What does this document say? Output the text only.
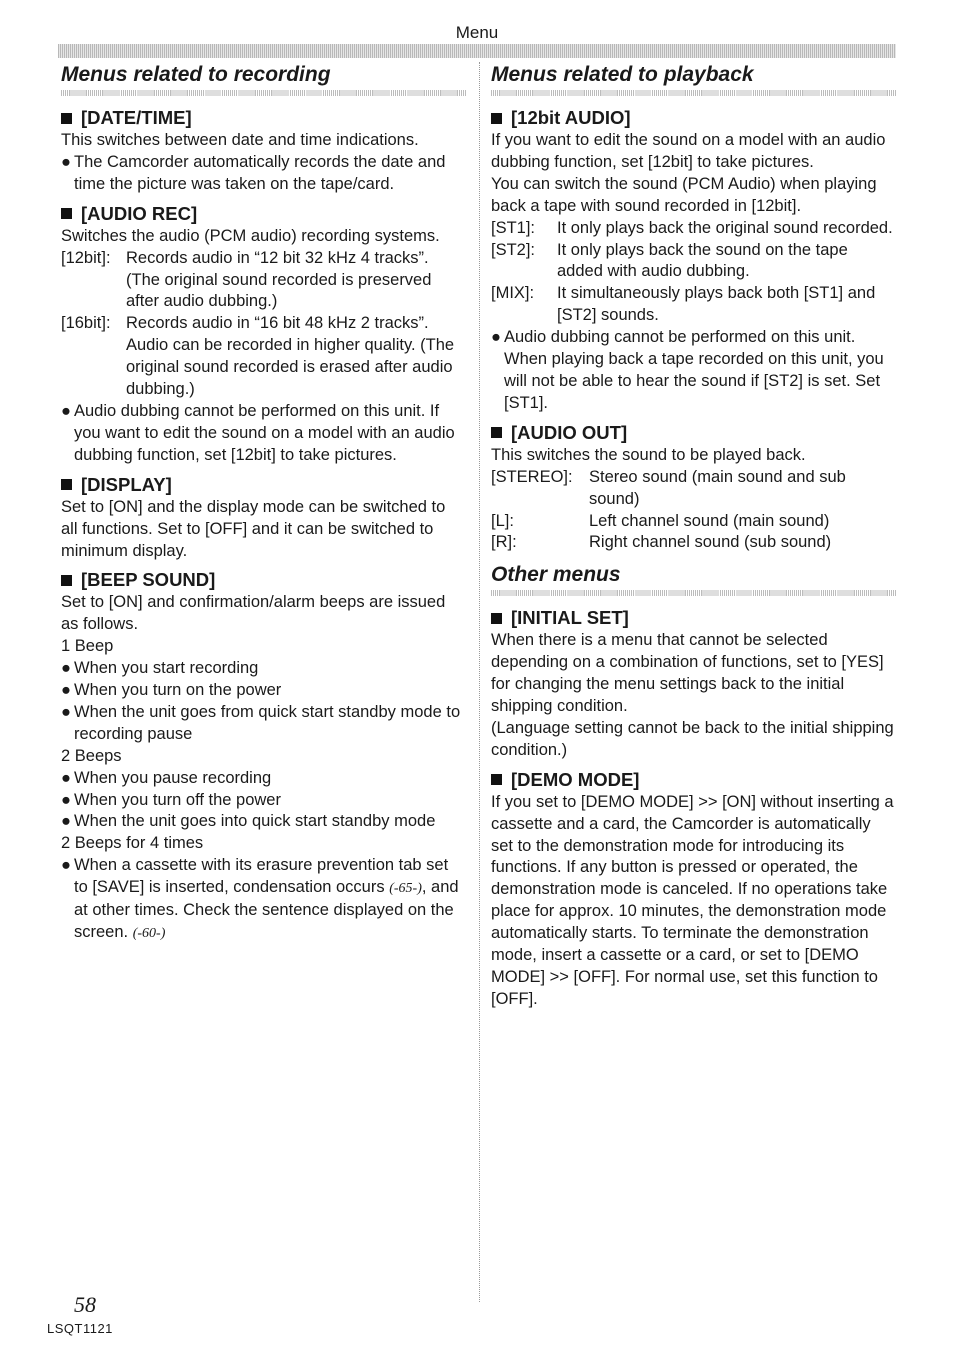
Menu
Menus related to recording
[DATE/TIME]

This switches between date and time indications.

● The Camcorder automatically records the date and time the picture was taken on the tape/card.
[AUDIO REC]

Switches the audio (PCM audio) recording systems.

[12bit]: Records audio in “12 bit 32 kHz 4 tracks”. (The original sound recorded is preserved after audio dubbing.)
[16bit]: Records audio in “16 bit 48 kHz 2 tracks”. Audio can be recorded in higher quality. (The original sound recorded is erased after audio dubbing.)
● Audio dubbing cannot be performed on this unit. If you want to edit the sound on a model with an audio dubbing function, set [12bit] to take pictures.
[DISPLAY]

Set to [ON] and the display mode can be switched to all functions. Set to [OFF] and it can be switched to minimum display.

[BEEP SOUND]

Set to [ON] and confirmation/alarm beeps are issued as follows.

1 Beep

● When you start recording
● When you turn on the power
● When the unit goes from quick start standby mode to recording pause

2 Beeps

● When you pause recording
● When you turn off the power
● When the unit goes into quick start standby mode

2 Beeps for 4 times

● When a cassette with its erasure prevention tab set to [SAVE] is inserted, condensation occurs (-65-), and at other times. Check the sentence displayed on the screen. (-60-)
Menus related to playback
[12bit AUDIO]

If you want to edit the sound on a model with an audio dubbing function, set [12bit] to take pictures.

You can switch the sound (PCM Audio) when playing back a tape with sound recorded in [12bit].

[ST1]:	It only plays back the original sound recorded.
[ST2]:	It only plays back the sound on the tape added with audio dubbing.
[MIX]:	It simultaneously plays back both [ST1] and [ST2] sounds.
● Audio dubbing cannot be performed on this unit. When playing back a tape recorded on this unit, you will not be able to hear the sound if [ST2] is set. Set [ST1].
[AUDIO OUT]

This switches the sound to be played back.

[STEREO]: Stereo sound (main sound and sub sound)
[L]:	Left channel sound (main sound)
[R]:	Right channel sound (sub sound)
Other menus
[INITIAL SET]

When there is a menu that cannot be selected depending on a combination of functions, set to [YES] for changing the menu settings back to the initial shipping condition.

(Language setting cannot be back to the initial shipping condition.)

[DEMO MODE]

If you set to [DEMO MODE] >> [ON] without inserting a cassette and a card, the Camcorder is automatically set to the demonstration mode for introducing its functions. If any button is pressed or operated, the demonstration mode is canceled. If no operations take place for approx. 10 minutes, the demonstration mode automatically starts. To terminate the demonstration mode, insert a cassette or a card, or set to [DEMO MODE] >> [OFF]. For normal use, set this function to [OFF].

58
LSQT1121
